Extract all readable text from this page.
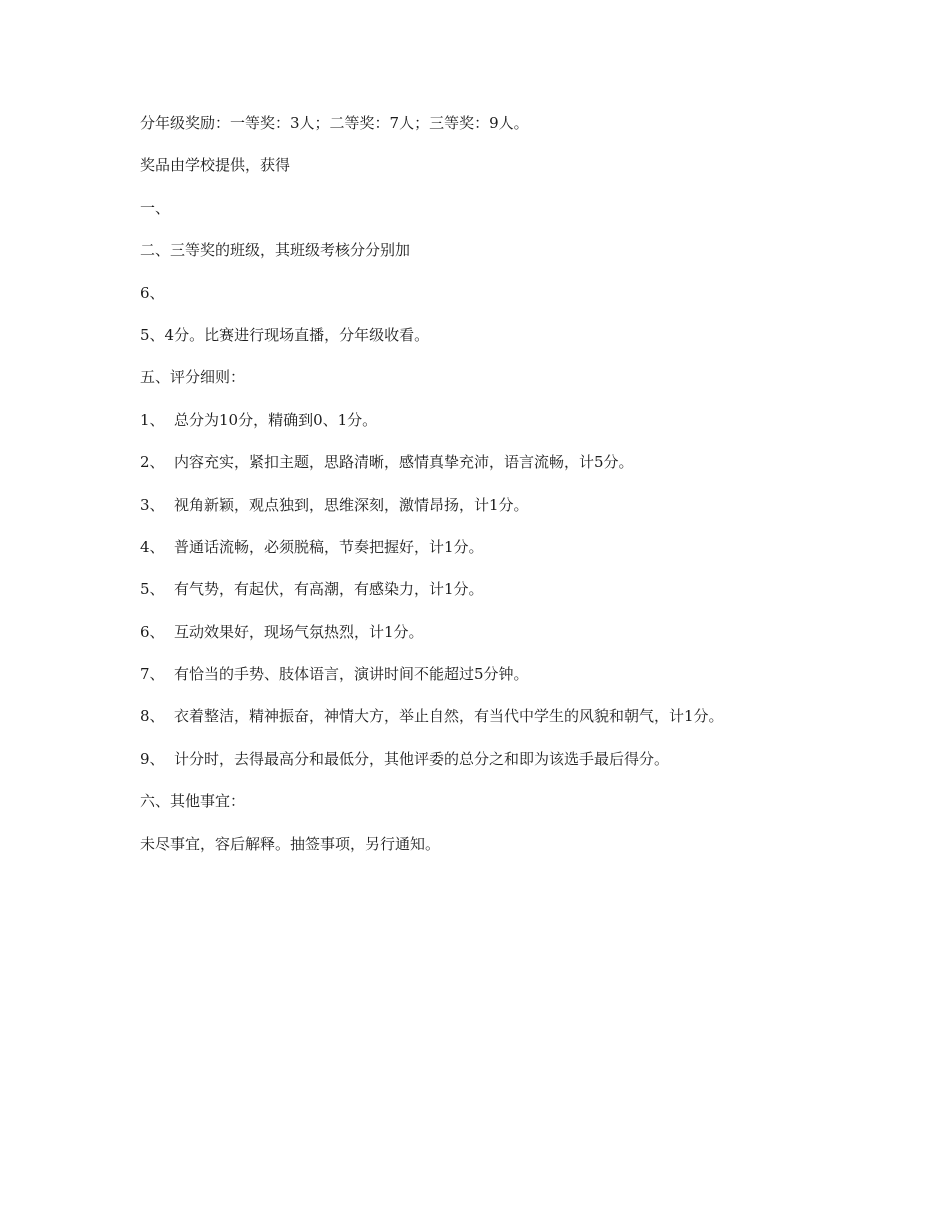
分年级奖励：一等奖：3人；二等奖：7人；三等奖：9人。
奖品由学校提供，获得
一、
二、三等奖的班级，其班级考核分分别加
6、
5、4分。比赛进行现场直播，分年级收看。
五、评分细则：
1、 总分为10分，精确到0、1分。
2、 内容充实，紧扣主题，思路清晰，感情真挚充沛，语言流畅，计5分。
3、 视角新颖，观点独到，思维深刻，激情昂扬，计1分。
4、 普通话流畅，必须脱稿，节奏把握好，计1分。
5、 有气势，有起伏，有高潮，有感染力，计1分。
6、 互动效果好，现场气氛热烈，计1分。
7、 有恰当的手势、肢体语言，演讲时间不能超过5分钟。
8、 衣着整洁，精神振奋，神情大方，举止自然，有当代中学生的风貌和朝气，计1分。
9、 计分时，去得最高分和最低分，其他评委的总分之和即为该选手最后得分。
六、其他事宜：
未尽事宜，容后解释。抽签事项，另行通知。
